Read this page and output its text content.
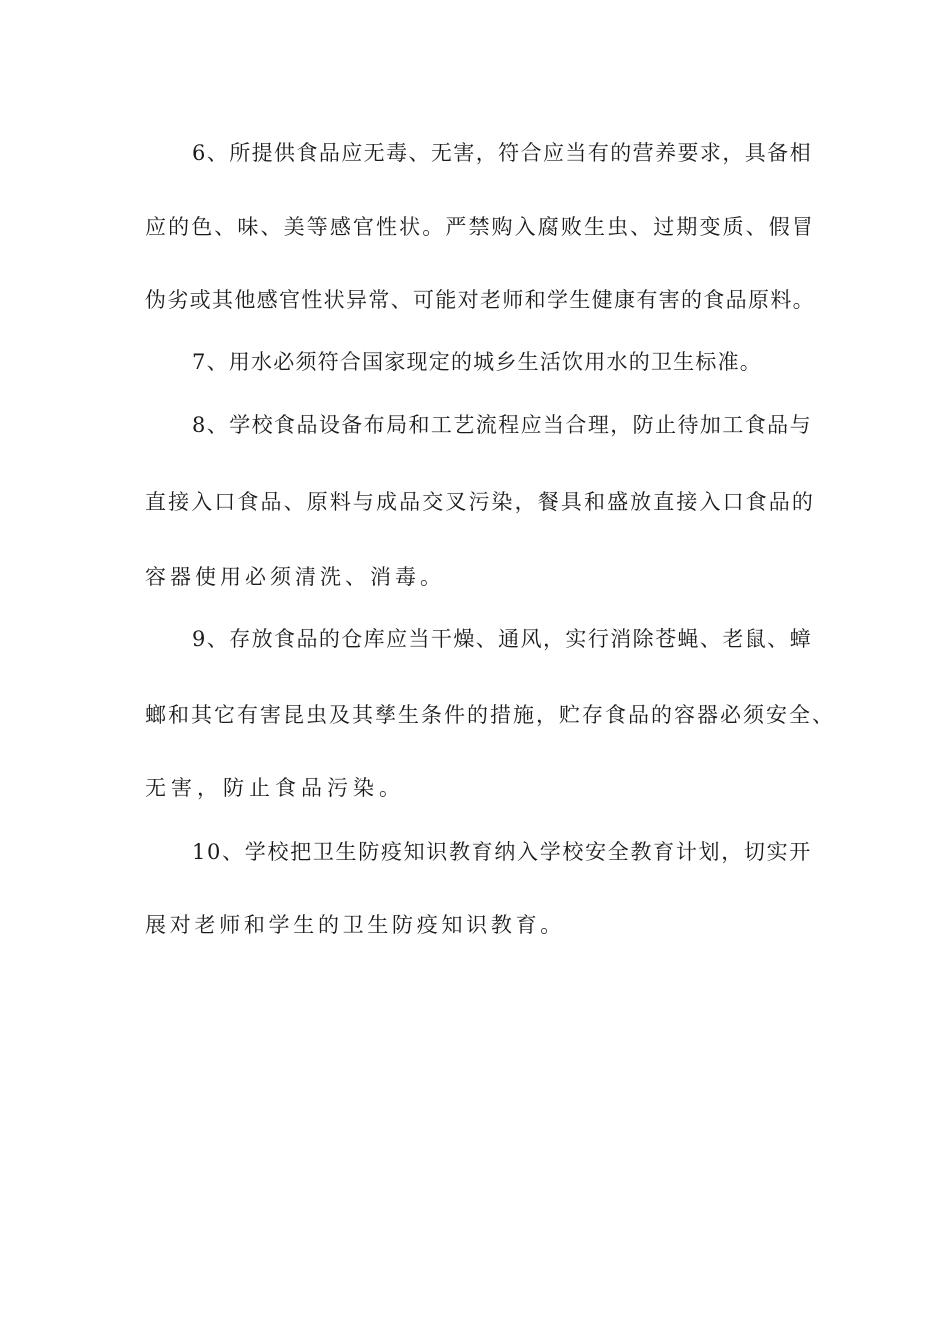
6、所提供食品应无毒、无害，符合应当有的营养要求，具备相
应的色、味、美等感官性状。严禁购入腐败生虫、过期变质、假冒
伪劣或其他感官性状异常、可能对老师和学生健康有害的食品原料。
7、用水必须符合国家现定的城乡生活饮用水的卫生标准。
8、学校食品设备布局和工艺流程应当合理，防止待加工食品与
直接入口食品、原料与成品交叉污染，餐具和盛放直接入口食品的
容器使用必须清洗、消毒。
9、存放食品的仓库应当干燥、通风，实行消除苍蝇、老鼠、蟑
螂和其它有害昆虫及其孳生条件的措施，贮存食品的容器必须安全、
无害，防止食品污染。
10、学校把卫生防疫知识教育纳入学校安全教育计划，切实开
展对老师和学生的卫生防疫知识教育。
